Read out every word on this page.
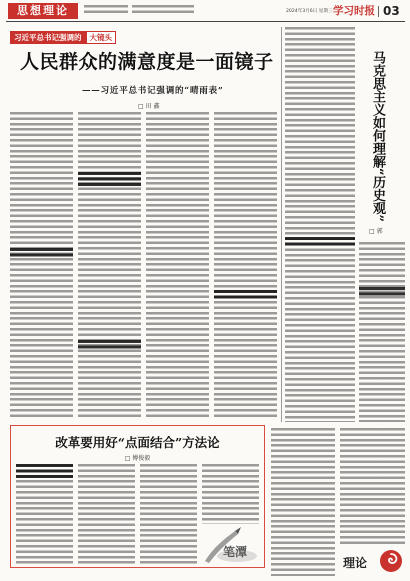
思想理论	2024年3月6日 星期三 学习时报 03
习近平总书记强调的	大镜头
人民群众的满意度是一面镜子
——习近平总书记强调的“晴雨表”
□ 田 鑫	马克思主义如何理解“历史观”
□ 郭
改革要用好“点面结合”方法论
□ 傅俊毅
笔潭
理论
